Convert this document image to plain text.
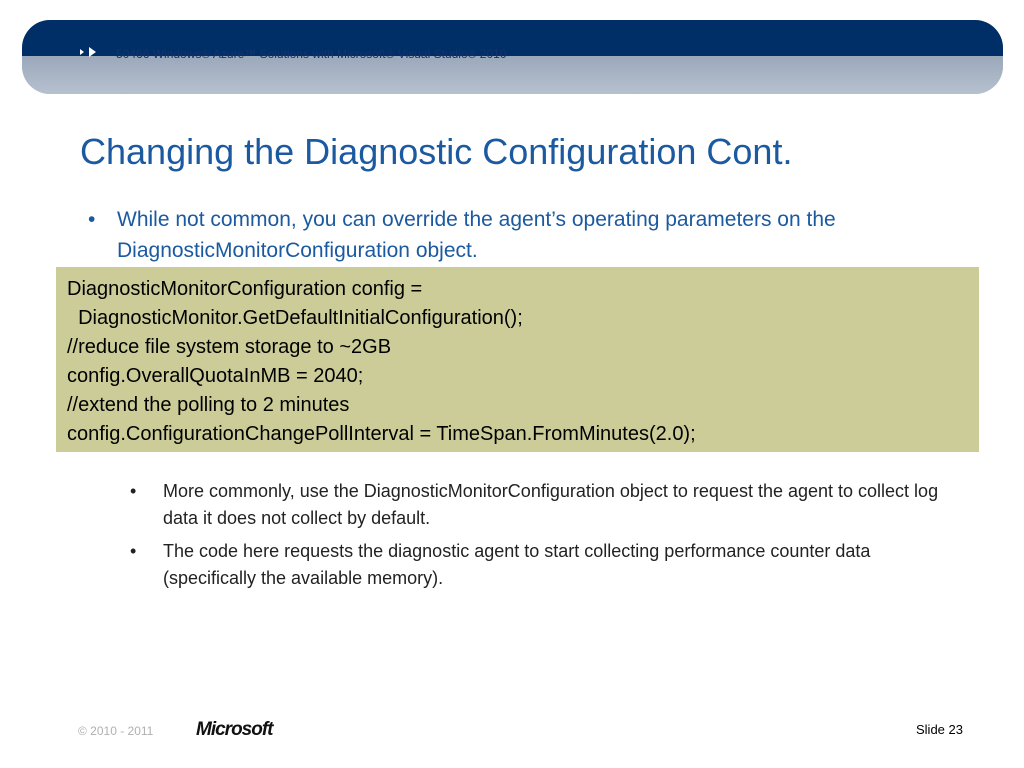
50466 Windows® Azure™ Solutions with Microsoft® Visual Studio® 2010
Changing the Diagnostic Configuration Cont.
• While not common, you can override the agent’s operating parameters on the DiagnosticMonitorConfiguration object.
DiagnosticMonitorConfiguration config =
DiagnosticMonitor.GetDefaultInitialConfiguration();
//reduce file system storage to ~2GB
config.OverallQuotaInMB = 2040;
//extend the polling to 2 minutes
config.ConfigurationChangePollInterval = TimeSpan.FromMinutes(2.0);
• More commonly, use the DiagnosticMonitorConfiguration object to request the agent to collect log data it does not collect by default.
• The code here requests the diagnostic agent to start collecting performance counter data (specifically the available memory).
© 2010 - 2011 Microsoft	Slide 23
